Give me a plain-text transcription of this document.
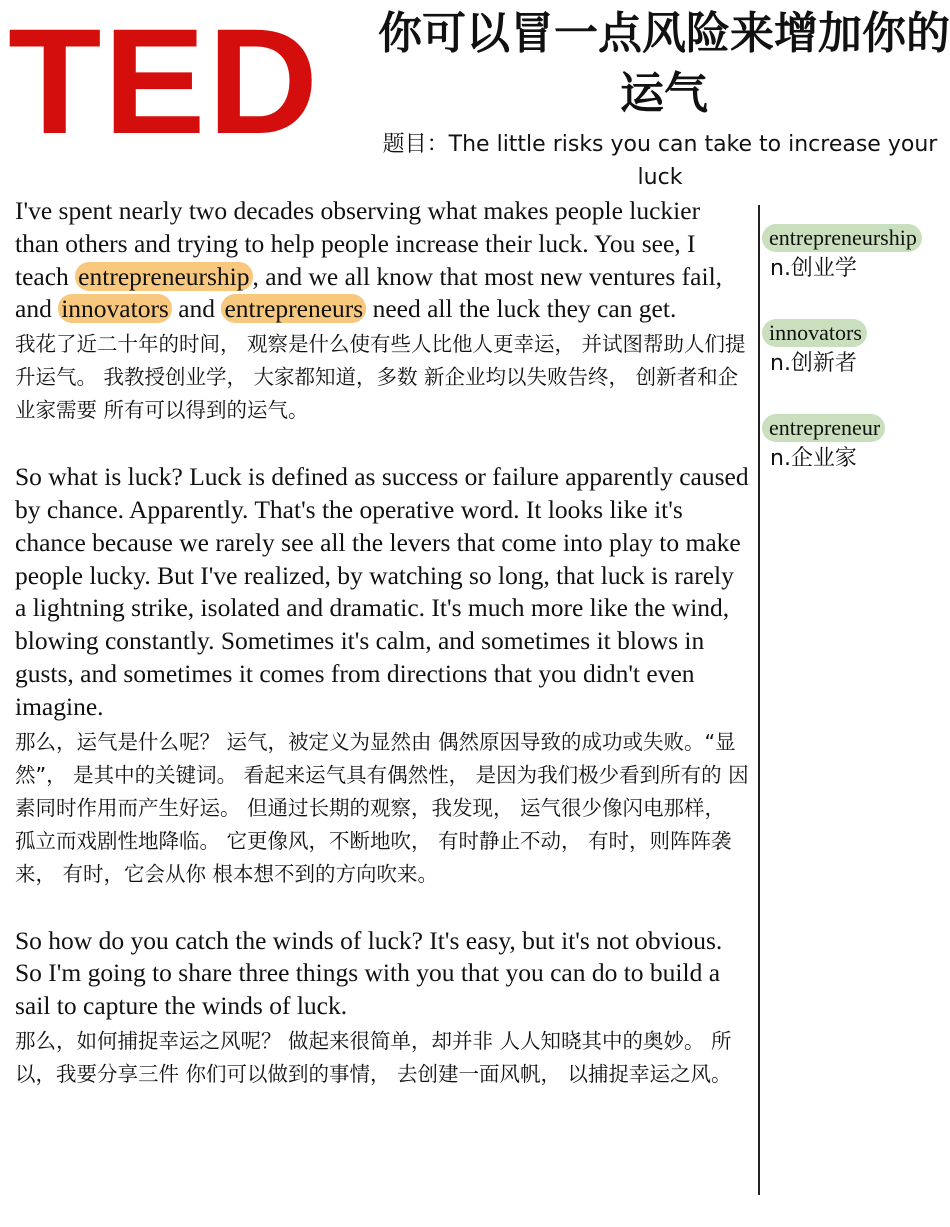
TED 你可以冒一点风险来增加你的运气
题目：The little risks you can take to increase your luck

I've spent nearly two decades observing what makes people luckier than others and trying to help people increase their luck. You see, I teach entrepreneurship , and we all know that most new ventures fail, and innovators and entrepreneurs need all the luck they can get.

我花了近二十年的时间， 观察是什么使有些人比他人更幸运， 并试图帮助人们提升运气。 我教授创业学， 大家都知道，多数 新企业均以失败告终， 创新者和企业家需要 所有可以得到的运气。

So what is luck? Luck is defined as success or failure apparently caused by chance. Apparently. That's the operative word. It looks like it's chance because we rarely see all the levers that come into play to make people lucky. But I've realized, by watching so long, that luck is rarely a lightning strike, isolated and dramatic. It's much more like the wind, blowing constantly. Sometimes it's calm, and sometimes it blows in gusts, and sometimes it comes from directions that you didn't even imagine.

那么，运气是什么呢？ 运气，被定义为显然由 偶然原因导致的成功或失败。“显然”， 是其中的关键词。 看起来运气具有偶然性， 是因为我们极少看到所有的 因素同时作用而产生好运。 但通过长期的观察，我发现， 运气很少像闪电那样， 孤立而戏剧性地降临。 它更像风，不断地吹， 有时静止不动， 有时，则阵阵袭来， 有时，它会从你 根本想不到的方向吹来。

So how do you catch the winds of luck? It's easy, but it's not obvious. So I'm going to share three things with you that you can do to build a sail to capture the winds of luck.

那么，如何捕捉幸运之风呢？ 做起来很简单，却并非 人人知晓其中的奥妙。 所以，我要分享三件 你们可以做到的事情， 去创建一面风帆， 以捕捉幸运之风。

entrepreneurship
n.创业学
innovators
n.创新者
entrepreneur
n.企业家
